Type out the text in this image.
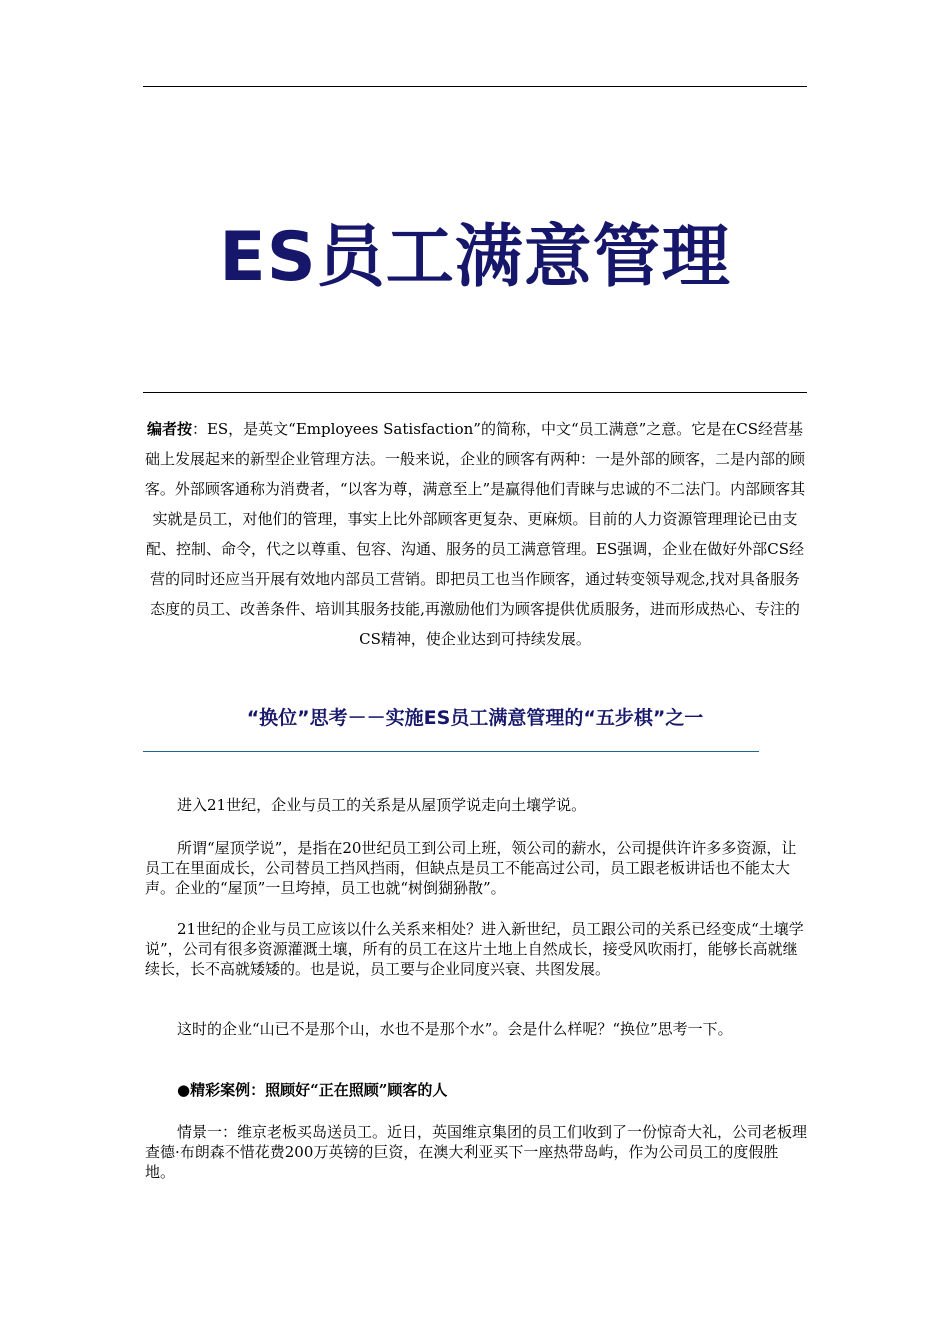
ES员工满意管理

编者按：ES，是英文“Employees Satisfaction”的简称，中文“员工满意”之意。它是在CS经营基础上发展起来的新型企业管理方法。一般来说，企业的顾客有两种：一是外部的顾客，二是内部的顾客。外部顾客通称为消费者，“以客为尊，满意至上”是赢得他们青睐与忠诚的不二法门。内部顾客其实就是员工，对他们的管理，事实上比外部顾客更复杂、更麻烦。目前的人力资源管理理论已由支配、控制、命令，代之以尊重、包容、沟通、服务的员工满意管理。ES强调，企业在做好外部CS经营的同时还应当开展有效地内部员工营销。即把员工也当作顾客，通过转变领导观念,找对具备服务态度的员工、改善条件、培训其服务技能,再激励他们为顾客提供优质服务，进而形成热心、专注的CS精神，使企业达到可持续发展。

“换位”思考－－实施ES员工满意管理的“五步棋”之一

进入21世纪，企业与员工的关系是从屋顶学说走向土壤学说。

所谓“屋顶学说”，是指在20世纪员工到公司上班，领公司的薪水，公司提供许许多多资源，让员工在里面成长，公司替员工挡风挡雨，但缺点是员工不能高过公司，员工跟老板讲话也不能太大声。企业的“屋顶”一旦垮掉，员工也就“树倒猢狲散”。

21世纪的企业与员工应该以什么关系来相处？进入新世纪，员工跟公司的关系已经变成“土壤学说”，公司有很多资源灌溉土壤，所有的员工在这片土地上自然成长，接受风吹雨打，能够长高就继续长，长不高就矮矮的。也是说，员工要与企业同度兴衰、共图发展。

这时的企业“山已不是那个山，水也不是那个水”。会是什么样呢？“换位”思考一下。

●精彩案例：照顾好“正在照顾”顾客的人

情景一：维京老板买岛送员工。近日，英国维京集团的员工们收到了一份惊奇大礼，公司老板理查德·布朗森不惜花费200万英镑的巨资，在澳大利亚买下一座热带岛屿，作为公司员工的度假胜地。
